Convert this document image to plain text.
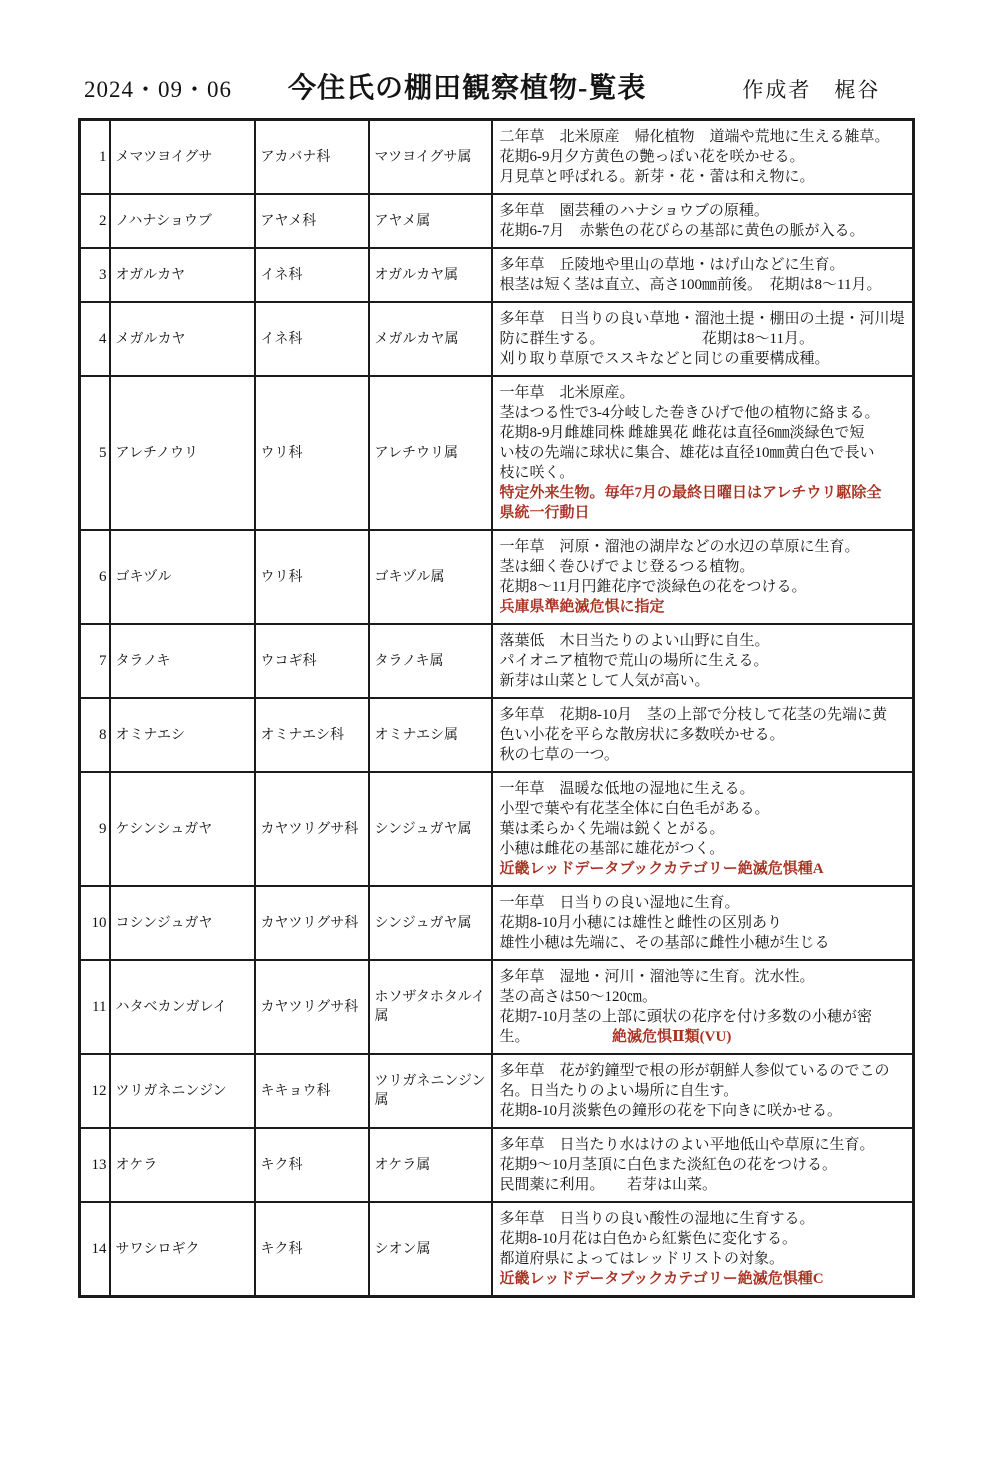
2024・09・06 今住氏の棚田観察植物-覧表	作成者　梶谷
1	メマツヨイグサ	アカバナ科	マツヨイグサ属	二年草　北米原産　帰化植物　道端や荒地に生える雑草。
花期6-9月夕方黄色の艶っぽい花を咲かせる。
月見草と呼ばれる。新芽・花・蕾は和え物に。

2	ノハナショウブ	アヤメ科	アヤメ属	多年草　園芸種のハナショウブの原種。
花期6-7月　赤紫色の花びらの基部に黄色の脈が入る。

3	オガルカヤ	イネ科	オガルカヤ属	多年草　丘陵地や里山の草地・はげ山などに生育。
根茎は短く茎は直立、高さ100㎜前後。　花期は8～11月。

4	メガルカヤ	イネ科	メガルカヤ属	多年草　日当りの良い草地・溜池土提・棚田の土提・河川堤
防に群生する。　　　　　　　花期は8～11月。
刈り取り草原でススキなどと同じの重要構成種。

5	アレチノウリ	ウリ科	アレチウリ属	
一年草　北米原産。
茎はつる性で3-4分岐した巻きひげで他の植物に絡まる。
花期8-9月雌雄同株 雌雄異花 雌花は直径6㎜淡緑色で短
い枝の先端に球状に集合、雄花は直径10㎜黄白色で長い
枝に咲く。
特定外来生物。毎年7月の最終日曜日はアレチウリ駆除全
県統一行動日

6	ゴキヅル	ウリ科	ゴキヅル属	一年草　河原・溜池の湖岸などの水辺の草原に生育。
茎は細く巻ひげでよじ登るつる植物。
花期8～11月円錐花序で淡緑色の花をつける。
兵庫県準絶滅危惧に指定

7	タラノキ	ウコギ科	タラノキ属	落葉低　木日当たりのよい山野に自生。
パイオニア植物で荒山の場所に生える。
新芽は山菜として人気が高い。

8	オミナエシ	オミナエシ科	オミナエシ属	多年草　花期8-10月　茎の上部で分枝して花茎の先端に黄
色い小花を平らな散房状に多数咲かせる。
秋の七草の一つ。

9	ケシンシュガヤ	カヤツリグサ科	シンジュガヤ属	一年草　温暖な低地の湿地に生える。
小型で葉や有花茎全体に白色毛がある。
葉は柔らかく先端は鋭くとがる。
小穂は雌花の基部に雄花がつく。
近畿レッドデータブックカテゴリー絶滅危惧種A

10	コシンジュガヤ	カヤツリグサ科	シンジュガヤ属	一年草　日当りの良い湿地に生育。
花期8-10月小穂には雄性と雌性の区別あり
雄性小穂は先端に、その基部に雌性小穂が生じる

11	ハタベカンガレイ	カヤツリグサ科	ホソザタホタルイ属	多年草　湿地・河川・溜池等に生育。沈水性。
茎の高さは50～120㎝。
花期7-10月茎の上部に頭状の花序を付け多数の小穂が密
生。　　　　　　絶滅危惧Ⅱ類(VU)

12	ツリガネニンジン	キキョウ科	ツリガネニンジン属	多年草　花が釣鐘型で根の形が朝鮮人参似ているのでこの
名。日当たりのよい場所に自生す。
花期8-10月淡紫色の鐘形の花を下向きに咲かせる。

13	オケラ	キク科	オケラ属	多年草　日当たり水はけのよい平地低山や草原に生育。
花期9～10月茎頂に白色また淡紅色の花をつける。
民間薬に利用。　　若芽は山菜。

14	サワシロギク	キク科	シオン属	多年草　日当りの良い酸性の湿地に生育する。
花期8-10月花は白色から紅紫色に変化する。
都道府県によってはレッドリストの対象。
近畿レッドデータブックカテゴリー絶滅危惧種C
